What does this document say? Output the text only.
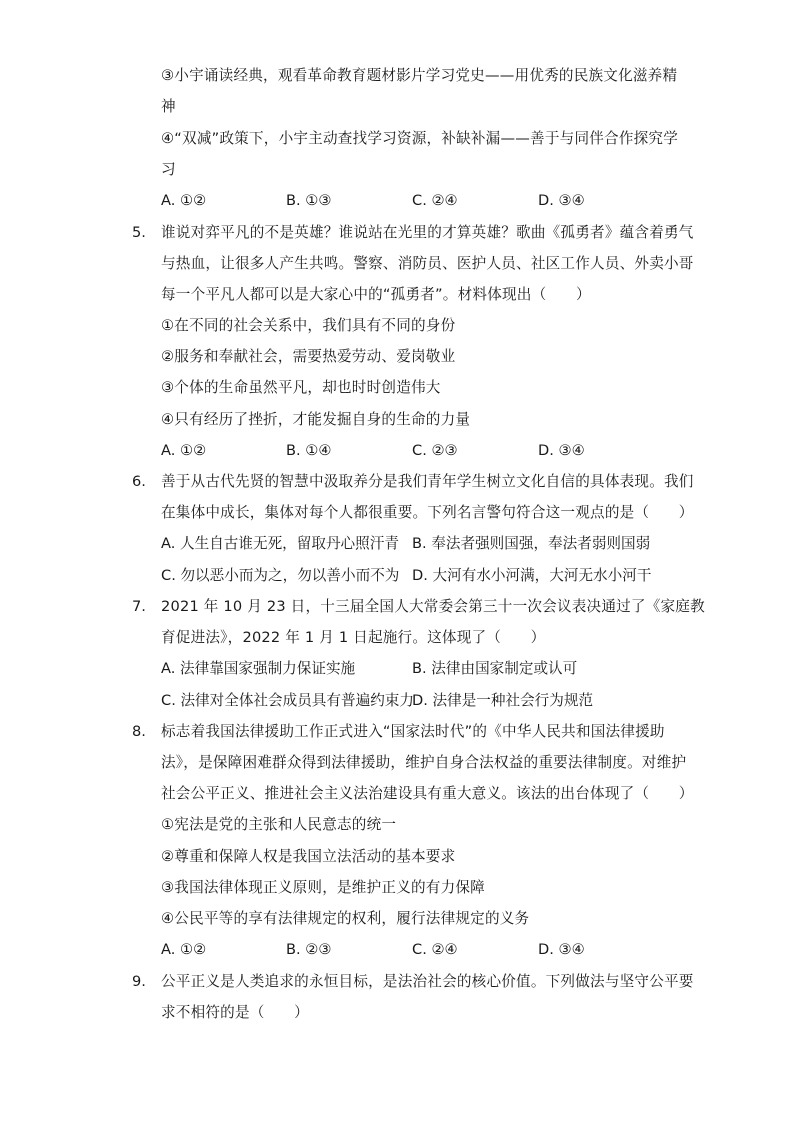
③小宇诵读经典，观看革命教育题材影片学习党史——用优秀的民族文化滋养精
神
④“双减”政策下，小宇主动查找学习资源，补缺补漏——善于与同伴合作探究学
习
A. ①②	B. ①③	C. ②④	D. ③④
5. 谁说对弈平凡的不是英雄？谁说站在光里的才算英雄？歌曲《孤勇者》蕴含着勇气
与热血，让很多人产生共鸣。警察、消防员、医护人员、社区工作人员、外卖小哥
每一个平凡人都可以是大家心中的“孤勇者”。材料体现出（　　）
①在不同的社会关系中，我们具有不同的身份
②服务和奉献社会，需要热爱劳动、爱岗敬业
③个体的生命虽然平凡，却也时时创造伟大
④只有经历了挫折，才能发掘自身的生命的力量
A. ①②	B. ①④	C. ②③	D. ③④
6. 善于从古代先贤的智慧中汲取养分是我们青年学生树立文化自信的具体表现。我们
在集体中成长，集体对每个人都很重要。下列名言警句符合这一观点的是（　　）
A. 人生自古谁无死，留取丹心照汗青 B. 奉法者强则国强，奉法者弱则国弱
C. 勿以恶小而为之，勿以善小而不为 D. 大河有水小河满，大河无水小河干
7. 2021 年 10 月 23 日，十三届全国人大常委会第三十一次会议表决通过了《家庭教
育促进法》，2022 年 1 月 1 日起施行。这体现了（　　）
A. 法律靠国家强制力保证实施	B. 法律由国家制定或认可
C. 法律对全体社会成员具有普遍约束力
D. 法律是一种社会行为规范
8. 标志着我国法律援助工作正式进入“国家法时代”的《中华人民共和国法律援助
法》，是保障困难群众得到法律援助，维护自身合法权益的重要法律制度。对维护
社会公平正义、推进社会主义法治建设具有重大意义。该法的出台体现了（　　）
①宪法是党的主张和人民意志的统一
②尊重和保障人权是我国立法活动的基本要求
③我国法律体现正义原则，是维护正义的有力保障
④公民平等的享有法律规定的权利，履行法律规定的义务
A. ①②	B. ②③	C. ②④	D. ③④
9. 公平正义是人类追求的永恒目标，是法治社会的核心价值。下列做法与坚守公平要
求不相符的是（　　）
